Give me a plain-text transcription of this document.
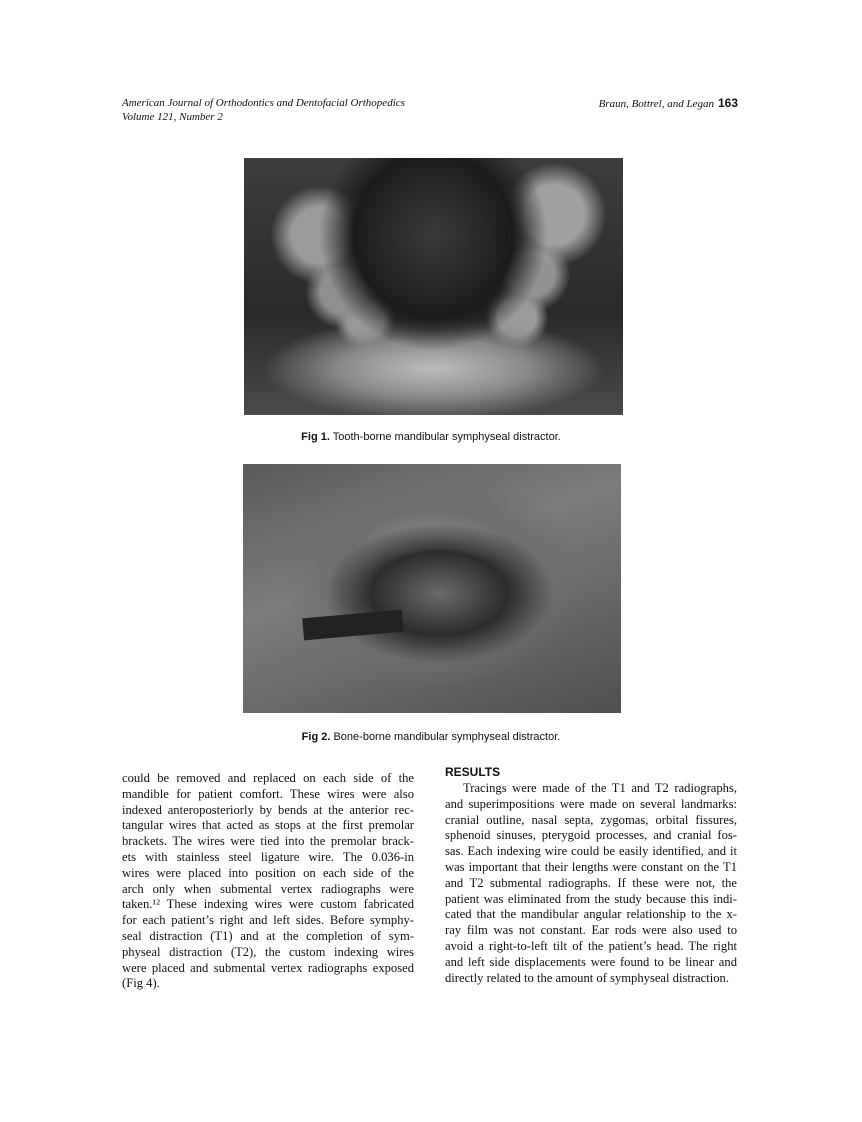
American Journal of Orthodontics and Dentofacial Orthopedics
Volume 121, Number 2
Braun, Bottrel, and Legan 163
Fig 1. Tooth-borne mandibular symphyseal distractor.
Fig 2. Bone-borne mandibular symphyseal distractor.
could be removed and replaced on each side of the
mandible for patient comfort. These wires were also
indexed anteroposteriorly by bends at the anterior rec-
tangular wires that acted as stops at the first premolar
brackets. The wires were tied into the premolar brack-
ets with stainless steel ligature wire. The 0.036-in
wires were placed into position on each side of the
arch only when submental vertex radiographs were
taken.¹² These indexing wires were custom fabricated
for each patient’s right and left sides. Before symphy-
seal distraction (T1) and at the completion of sym-
physeal distraction (T2), the custom indexing wires
were placed and submental vertex radiographs exposed
(Fig 4).
RESULTS
Tracings were made of the T1 and T2 radiographs,
and superimpositions were made on several landmarks:
cranial outline, nasal septa, zygomas, orbital fissures,
sphenoid sinuses, pterygoid processes, and cranial fos-
sas. Each indexing wire could be easily identified, and it
was important that their lengths were constant on the T1
and T2 submental radiographs. If these were not, the
patient was eliminated from the study because this indi-
cated that the mandibular angular relationship to the x-
ray film was not constant. Ear rods were also used to
avoid a right-to-left tilt of the patient’s head. The right
and left side displacements were found to be linear and
directly related to the amount of symphyseal distraction.
